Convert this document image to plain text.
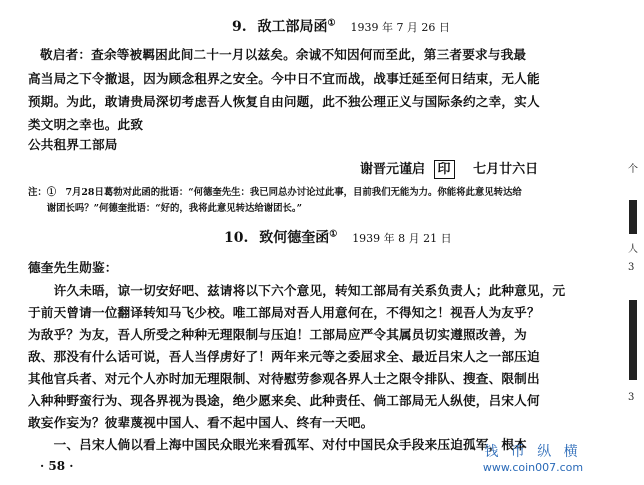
9. 敌工部局函① 1939 年 7 月 26 日
敬启者：查余等被羁困此间二十一月以兹矣。余诚不知因何而至此，第三者要求与我最
高当局之下令撤退，因为顾念租界之安全。今中日不宜而战，战事迁延至何日结束，无人能
预期。为此，敢请贵局深切考虑吾人恢复自由问题，此不独公理正义与国际条约之幸，实人
类文明之幸也。此致
公共租界工部局
谢晋元谨启 印 七月廿六日
注：①　7月28日葛勃对此函的批语：“何德奎先生：我已同总办讨论过此事，目前我们无能为力。你能将此意见转达给
　　谢团长吗？”何德奎批语：“好的，我将此意见转达给谢团长。”
10. 致何德奎函① 1939 年 8 月 21 日
德奎先生勋鉴：
　　许久未晤，谅一切安好吧、兹请将以下六个意见，转知工部局有关系负责人；此种意见，元
于前天曾请一位翻译转知马飞少校。唯工部局对吾人用意何在，不得知之！视吾人为友乎？
为敌乎？为友，吾人所受之种种无理限制与压迫！工部局应严令其属员切实遵照改善，为
敌、那没有什么话可说，吾人当俘虏好了！两年来元等之委屈求全、最近吕宋人之一部压迫
其他官兵者、对元个人亦时加无理限制、对待慰劳参观各界人士之限令排队、搜查、限制出
入种种野蛮行为、现各界视为畏途，绝少愿来矣、此种责任、倘工部局无人纵使，吕宋人何
敢妄作妄为？彼辈蔑视中国人、看不起中国人、终有一天吧。
　　一、吕宋人倘以看上海中国民众眼光来看孤军、对付中国民众手段来压迫孤军，根本
· 58 ·
钱 币 纵 横
www.coin007.com
个
人
3
3
